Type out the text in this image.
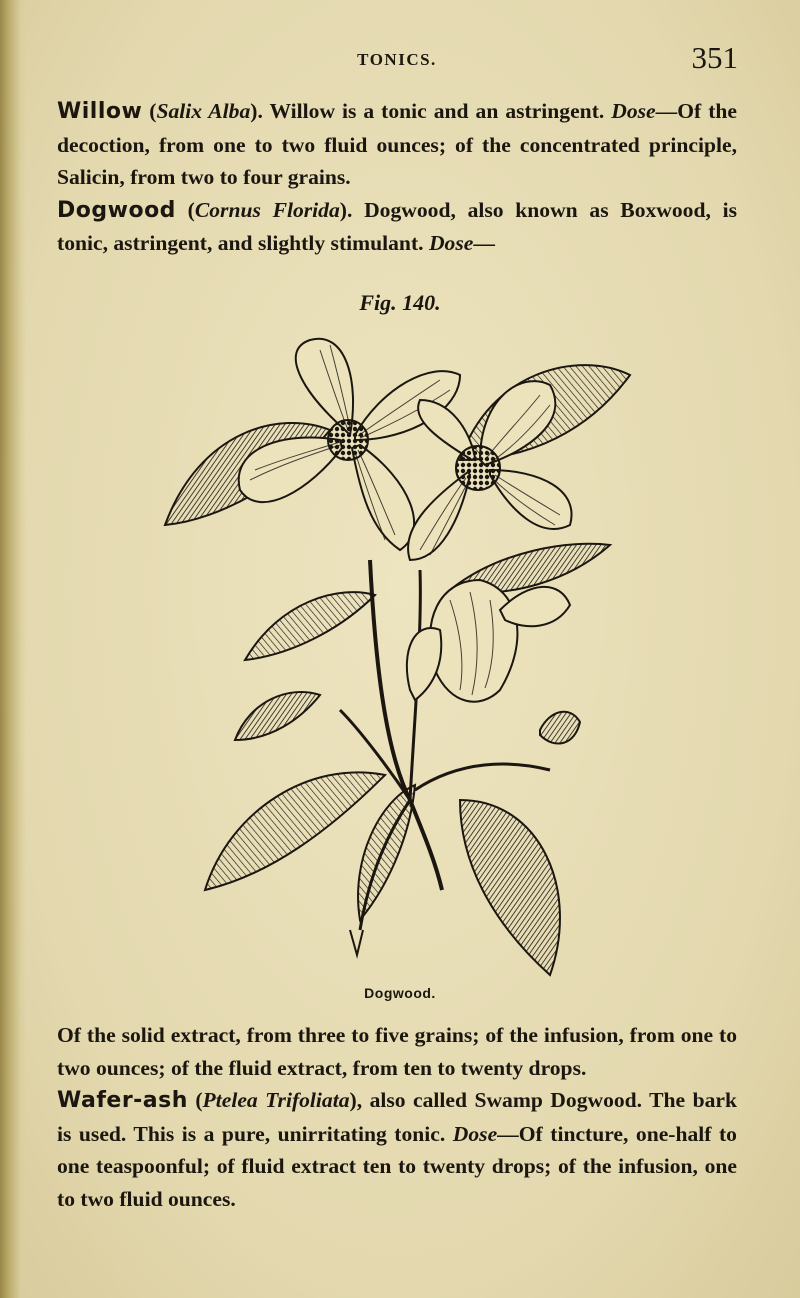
TONICS.	351

Willow (Salix Alba). Willow is a tonic and an astringent. Dose—Of the decoction, from one to two fluid ounces; of the concentrated principle, Salicin, from two to four grains.

Dogwood (Cornus Florida). Dogwood, also known as Boxwood, is tonic, astringent, and slightly stimulant. Dose—

Fig. 140.
Dogwood.

Of the solid extract, from three to five grains; of the infusion, from one to two ounces; of the fluid extract, from ten to twenty drops.

Wafer-ash (Ptelea Trifoliata), also called Swamp Dogwood. The bark is used. This is a pure, unirritating tonic. Dose—Of tincture, one-half to one teaspoonful; of fluid extract ten to twenty drops; of the infusion, one to two fluid ounces.
